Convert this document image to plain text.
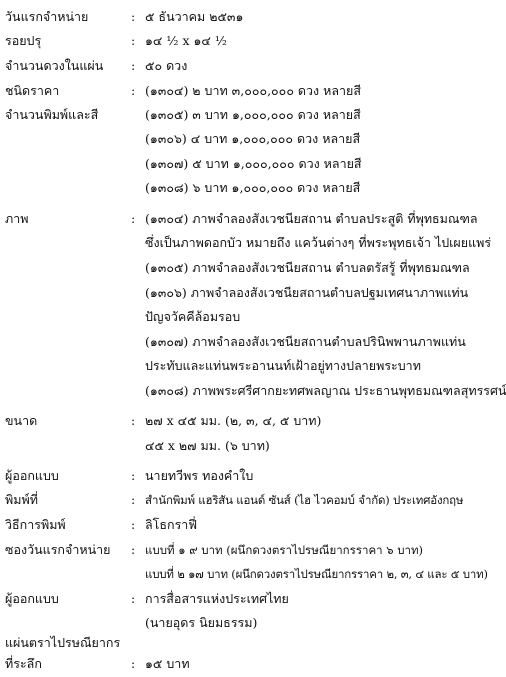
วันแรกจำหน่าย	: ๕ ธันวาคม ๒๕๓๑
รอยปรุ	: ๑๔ ½ x ๑๔ ½
จำนวนดวงในแผ่น : ๕๐ ดวง
ชนิดราคา	: (๑๓๐๔) ๒ บาท ๓,๐๐๐,๐๐๐ ดวง หลายสี
จำนวนพิมพ์และสี	(๑๓๐๕) ๓ บาท ๑,๐๐๐,๐๐๐ ดวง หลายสี
(๑๓๐๖) ๔ บาท ๑,๐๐๐,๐๐๐ ดวง หลายสี
(๑๓๐๗) ๕ บาท ๑,๐๐๐,๐๐๐ ดวง หลายสี
(๑๓๐๘) ๖ บาท ๑,๐๐๐,๐๐๐ ดวง หลายสี
ภาพ	: (๑๓๐๔) ภาพจำลองสังเวชนียสถาน ตำบลประสูติ ที่พุทธมณฑล
ซึ่งเป็นภาพดอกบัว หมายถึง แคว้นต่างๆ ที่พระพุทธเจ้า ไปเผยแพร่
(๑๓๐๕) ภาพจำลองสังเวชนียสถาน ตำบลตรัสรู้ ที่พุทธมณฑล
(๑๓๐๖) ภาพจำลองสังเวชนียสถานตำบลปฐมเทศนาภาพแท่น
ปัญจวัคคีล้อมรอบ
(๑๓๐๗) ภาพจำลองสังเวชนียสถานตำบลปรินิพพานภาพแท่น
ประทับและแท่นพระอานนท์เฝ้าอยู่ทางปลายพระบาท
(๑๓๐๘) ภาพพระศรีศากยะทศพลญาณ ประธานพุทธมณฑลสุทรรศน์
ขนาด	: ๒๗ x ๔๕ มม. (๒, ๓, ๔, ๕ บาท)
๔๕ x ๒๗ มม. (๖ บาท)
ผู้ออกแบบ	: นายทวีพร ทองคำใบ
พิมพ์ที่	: สำนักพิมพ์ แฮริสัน แอนด์ ซันส์ (ไฮ ไวคอมบ์ จำกัด) ประเทศอังกฤษ
วิธีการพิมพ์	: ลิโธกราฟี่
ซองวันแรกจำหน่าย : แบบที่ ๑ ๙ บาท (ผนึกดวงตราไปรษณียากรราคา ๖ บาท)
แบบที่ ๒ ๑๗ บาท (ผนึกดวงตราไปรษณียากรราคา ๒, ๓, ๔ และ ๕ บาท)
ผู้ออกแบบ	: การสื่อสารแห่งประเทศไทย
(นายอุดร นิยมธรรม)
แผ่นตราไปรษณียากร
ที่ระลึก	: ๑๕ บาท
